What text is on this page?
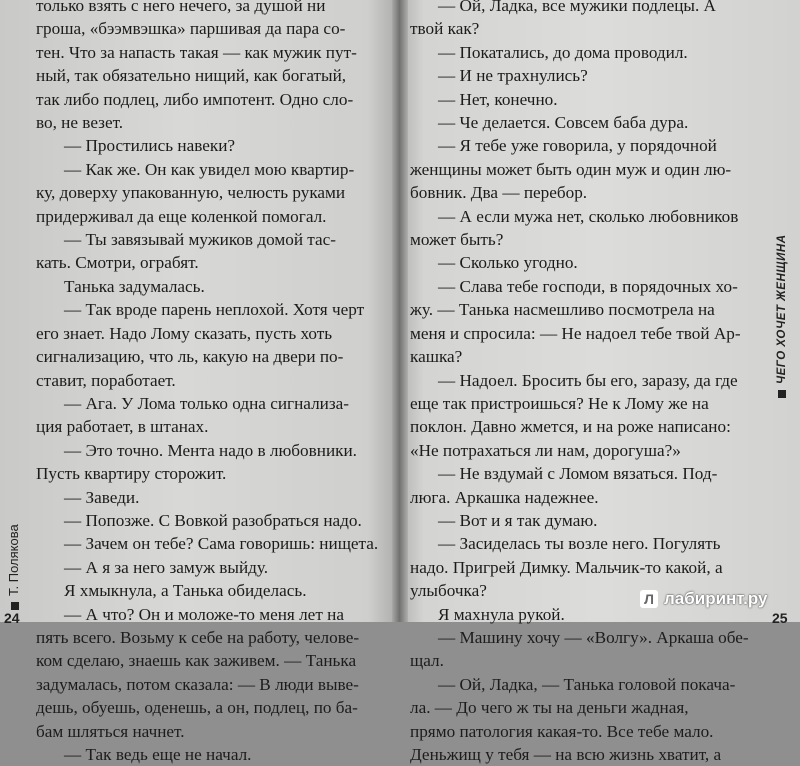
только взять с него нечего, за душой ни
гроша, «бээмвэшка» паршивая да пара со-
тен. Что за напасть такая — как мужик пут-
ный, так обязательно нищий, как богатый,
так либо подлец, либо импотент. Одно сло-
во, не везет.
— Простились навеки?
— Как же. Он как увидел мою квартир-
ку, доверху упакованную, челюсть руками
придерживал да еще коленкой помогал.
— Ты завязывай мужиков домой тас-
кать. Смотри, ограбят.
Танька задумалась.
— Так вроде парень неплохой. Хотя черт
его знает. Надо Лому сказать, пусть хоть
сигнализацию, что ль, какую на двери по-
ставит, поработает.
— Ага. У Лома только одна сигнализа-
ция работает, в штанах.
— Это точно. Мента надо в любовники.
Пусть квартиру сторожит.
— Заведи.
— Попозже. С Вовкой разобраться надо.
— Зачем он тебе? Сама говоришь: нищета.
— А я за него замуж выйду.
Я хмыкнула, а Танька обиделась.
— А что? Он и моложе-то меня лет на
пять всего. Возьму к себе на работу, челове-
ком сделаю, знаешь как заживем. — Танька
задумалась, потом сказала: — В люди выве-
дешь, обуешь, оденешь, а он, подлец, по ба-
бам шляться начнет.
— Так ведь еще не начал.
— Ой, Ладка, все мужики подлецы. А
твой как?
— Покатались, до дома проводил.
— И не трахнулись?
— Нет, конечно.
— Че делается. Совсем баба дура.
— Я тебе уже говорила, у порядочной
женщины может быть один муж и один лю-
бовник. Два — перебор.
— А если мужа нет, сколько любовников
может быть?
— Сколько угодно.
— Слава тебе господи, в порядочных хо-
жу. — Танька насмешливо посмотрела на
меня и спросила: — Не надоел тебе твой Ар-
кашка?
— Надоел. Бросить бы его, заразу, да где
еще так пристроишься? Не к Лому же на
поклон. Давно жмется, и на роже написано:
«Не потрахаться ли нам, дорогуша?»
— Не вздумай с Ломом вязаться. Под-
люга. Аркашка надежнее.
— Вот и я так думаю.
— Засиделась ты возле него. Погулять
надо. Пригрей Димку. Мальчик-то какой, а
улыбочка?
Я махнула рукой.
— Машину хочу — «Волгу». Аркаша обе-
щал.
— Ой, Ладка, — Танька головой покача-
ла. — До чего ж ты на деньги жадная,
прямо патология какая-то. Все тебе мало.
Деньжищ у тебя — на всю жизнь хватит, а
Т. Полякова
ЧЕГО ХОЧЕТ ЖЕНЩИНА
24	25
Л лабиринт.ру
